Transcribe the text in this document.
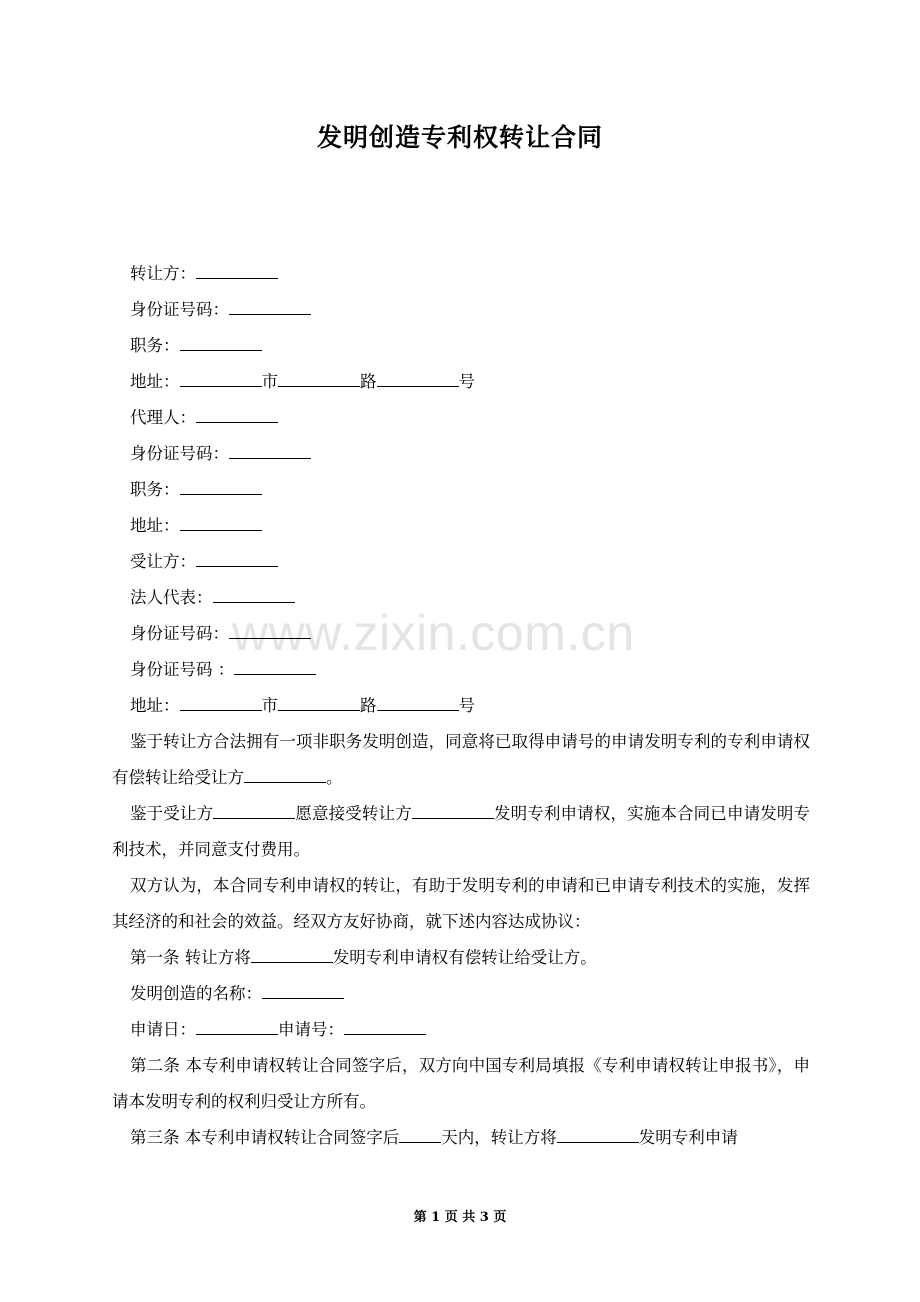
发明创造专利权转让合同
www.zixin.com.cn
转让方：
身份证号码：
职务：
地址：	市	路	号
代理人：
身份证号码：
职务：
地址：
受让方：
法人代表：
身份证号码：
身份证号码 ：
地址：	市	路	号
鉴于转让方合法拥有一项非职务发明创造，同意将已取得申请号的申请发明专利的专利申请权有偿转让给受让方	。
鉴于受让方	愿意接受转让方	发明专利申请权，实施本合同已申请发明专利技术，并同意支付费用。
双方认为，本合同专利申请权的转让，有助于发明专利的申请和已申请专利技术的实施，发挥其经济的和社会的效益。经双方友好协商，就下述内容达成协议：
第一条 转让方将	发明专利申请权有偿转让给受让方。
发明创造的名称：
申请日：	申请号：
第二条 本专利申请权转让合同签字后，双方向中国专利局填报《专利申请权转让申报书》，申请本发明专利的权利归受让方所有。
第三条 本专利申请权转让合同签字后	天内，转让方将	发明专利申请
第 1 页 共 3 页
